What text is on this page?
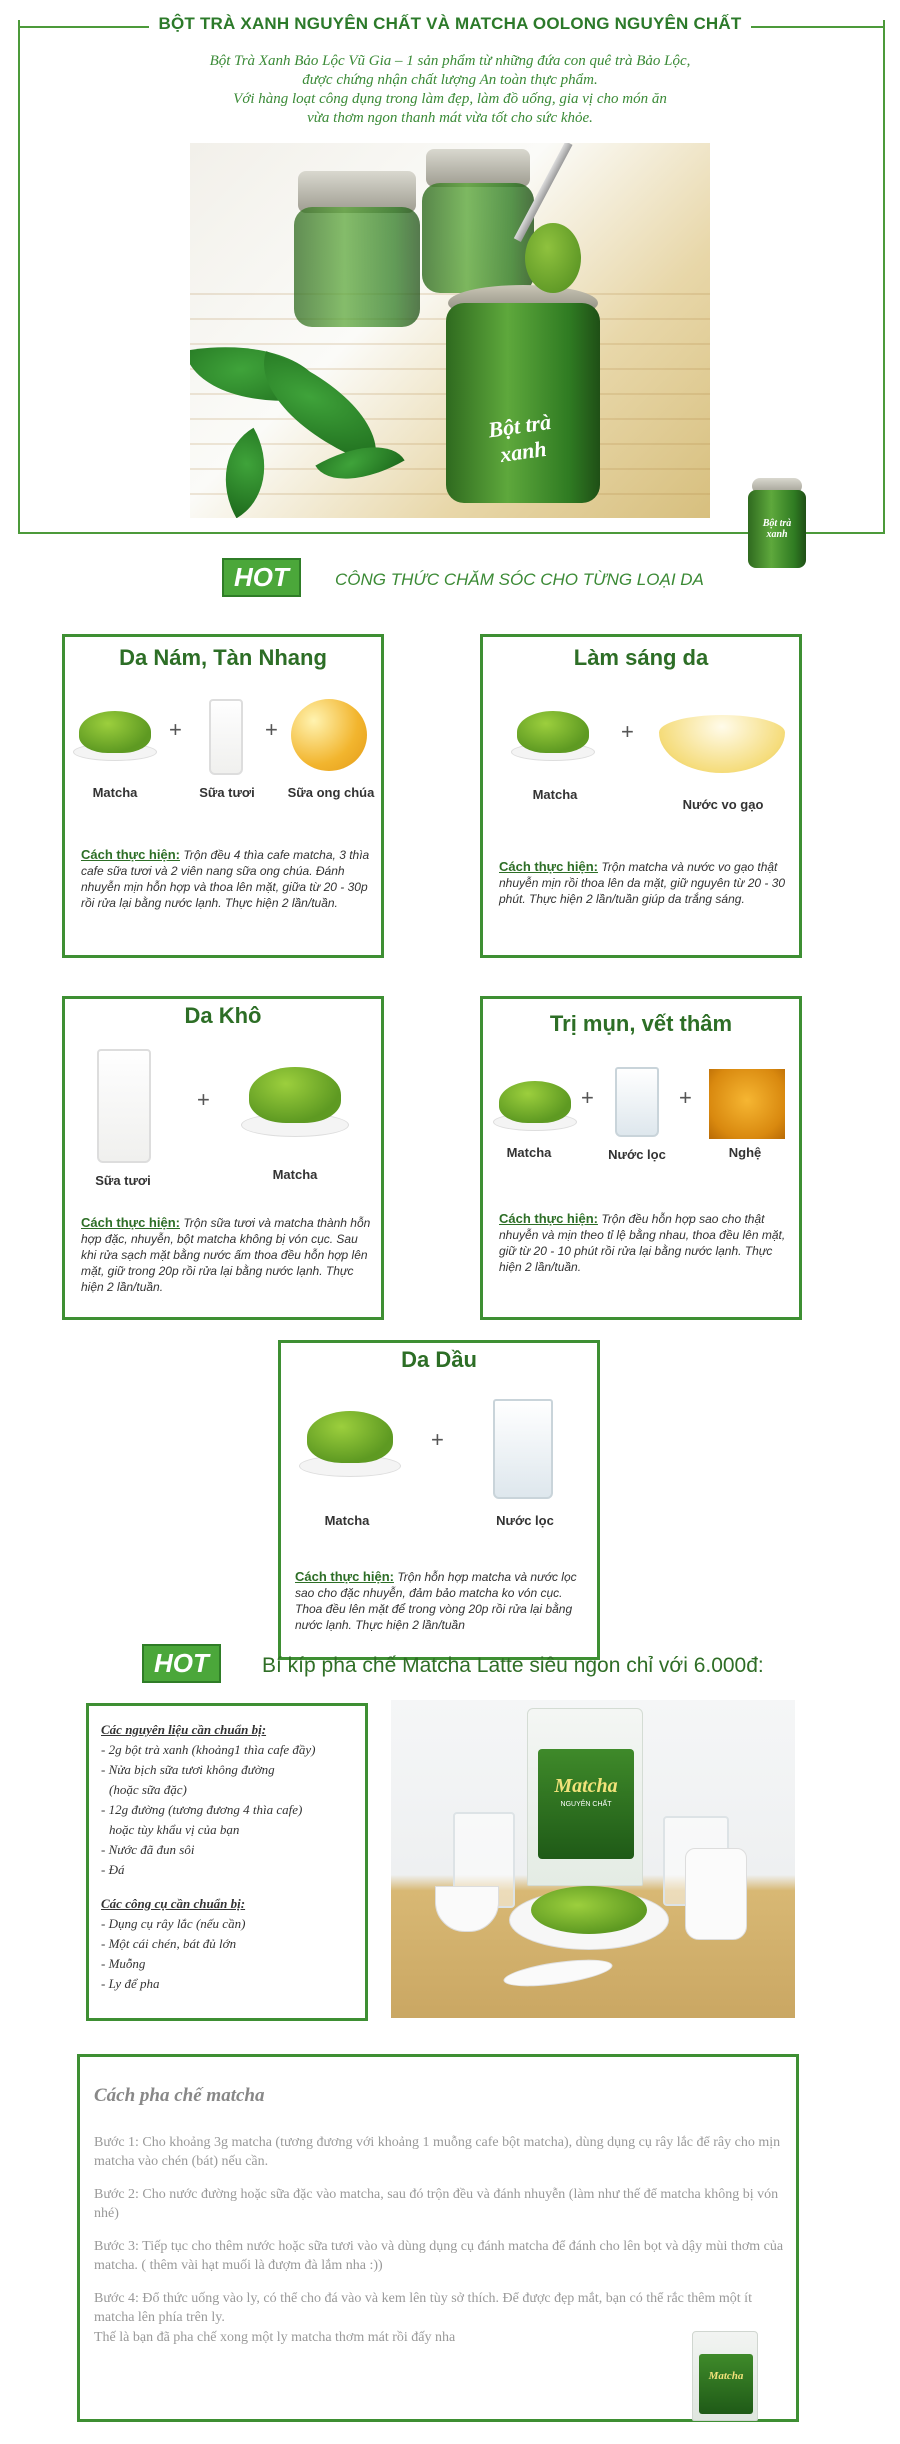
BỘT TRÀ XANH NGUYÊN CHẤT VÀ MATCHA OOLONG NGUYÊN CHẤT
Bột Trà Xanh Bảo Lộc Vũ Gia – 1 sản phẩm từ những đứa con quê trà Bảo Lộc,
được chứng nhận chất lượng An toàn thực phẩm.
Với hàng loạt công dụng trong làm đẹp, làm đồ uống, gia vị cho món ăn
vừa thơm ngon thanh mát vừa tốt cho sức khỏe.
Bột trà xanh
Bột trà xanh
HOT	CÔNG THỨC CHĂM SÓC CHO TỪNG LOẠI DA
Da Nám, Tàn Nhang
+	+
Matcha	Sữa tươi	Sữa ong chúa
Cách thực hiện: Trộn đều 4 thìa cafe matcha, 3 thìa cafe sữa tươi và 2 viên nang sữa ong chúa. Đánh nhuyễn mịn hỗn hợp và thoa lên mặt, giữa từ 20 - 30p rồi rửa lại bằng nước lạnh. Thực hiện 2 lần/tuần.
Làm sáng da
+
Matcha
Nước vo gạo
Cách thực hiện: Trộn matcha và nước vo gạo thật nhuyễn mịn rồi thoa lên da mặt, giữ nguyên từ 20 - 30 phút. Thực hiện 2 lần/tuần giúp da trắng sáng.
Da Khô
+
Sữa tươi	Matcha
Cách thực hiện: Trộn sữa tươi và matcha thành hỗn hợp đặc, nhuyễn, bột matcha không bị vón cục. Sau khi rửa sạch mặt bằng nước ấm thoa đều hỗn hợp lên mặt, giữ trong 20p rồi rửa lại bằng nước lạnh. Thực hiện 2 lần/tuần.
Trị mụn, vết thâm
+	+
Matcha	Nước lọc	Nghệ
Cách thực hiện: Trộn đều hỗn hợp sao cho thật nhuyễn và mịn theo tỉ lệ bằng nhau, thoa đều lên mặt, giữ từ 20 - 10 phút rồi rửa lại bằng nước lạnh. Thực hiện 2 lần/tuần.
Da Dầu
+
Matcha	Nước lọc
Cách thực hiện: Trộn hỗn hợp matcha và nước lọc sao cho đặc nhuyễn, đảm bảo matcha ko vón cục. Thoa đều lên mặt để trong vòng 20p rồi rửa lại bằng nước lạnh. Thực hiện 2 lần/tuần
HOT	Bí kíp pha chế Matcha Latte siêu ngon chỉ với 6.000đ:
Các nguyên liệu cần chuẩn bị:
- 2g bột trà xanh (khoảng1 thìa cafe đầy)
- Nửa bịch sữa tươi không đường
(hoặc sữa đặc)
- 12g đường (tương đương 4 thìa cafe)
hoặc tùy khẩu vị của bạn
- Nước đã đun sôi
- Đá
Các công cụ cần chuẩn bị:
- Dụng cụ rây lắc (nếu cần)
- Một cái chén, bát đủ lớn
- Muỗng
- Ly để pha
Matcha
NGUYÊN CHẤT
Cách pha chế matcha
Bước 1: Cho khoảng 3g matcha (tương đương với khoảng 1 muỗng cafe bột matcha), dùng dụng cụ rây lắc để rây cho mịn matcha vào chén (bát) nếu cần.
Bước 2: Cho nước đường hoặc sữa đặc vào matcha, sau đó trộn đều và đánh nhuyễn (làm như thế để matcha không bị vón nhé)
Bước 3: Tiếp tục cho thêm nước hoặc sữa tươi vào và dùng dụng cụ đánh matcha để đánh cho lên bọt và dậy mùi thơm của matcha. ( thêm vài hạt muối là đượm đà lắm nha :))
Bước 4: Đổ thức uống vào ly, có thể cho đá vào và kem lên tùy sở thích. Để được đẹp mắt, bạn có thể rắc thêm một ít matcha lên phía trên ly.
Thế là bạn đã pha chế xong một ly matcha thơm mát rồi đấy nha
Matcha
